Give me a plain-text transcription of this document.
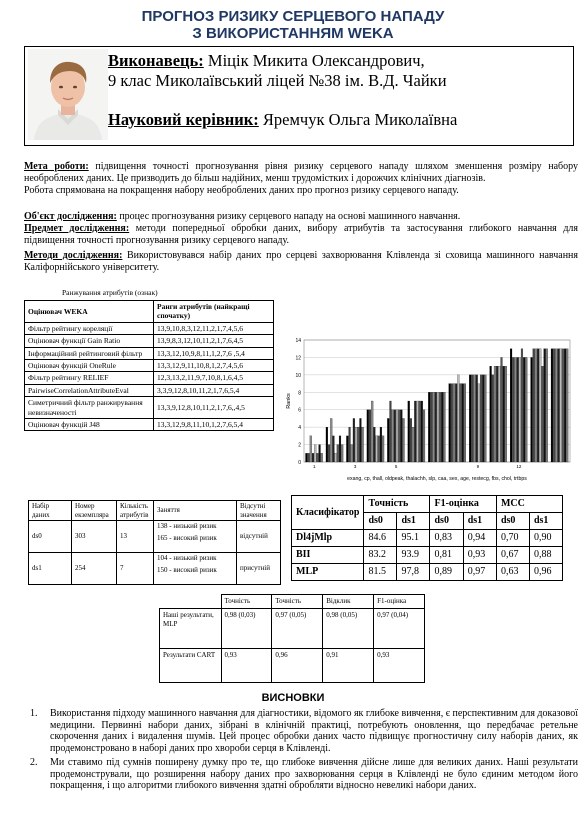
ПРОГНОЗ РИЗИКУ СЕРЦЕВОГО НАПАДУ
З ВИКОРИСТАННЯМ WEKA
Виконавець: Міцік Микита Олександрович,
9 клас Миколаївський ліцей №38 ім. В.Д. Чайки
Науковий керівник: Яремчук Ольга Миколаївна
Мета роботи: підвищення точності прогнозування рівня ризику серцевого нападу шляхом зменшення розміру набору необроблених даних. Це призводить до більш надійних, менш трудомістких і дорожчих клінічних діагнозів.
Робота спрямована на покращення набору необроблених даних про прогноз ризику серцевого нападу.
Об'єкт дослідження: процес прогнозування ризику серцевого нападу на основі машинного навчання.
Предмет дослідження: методи попередньої обробки даних, вибору атрибутів та застосування глибокого навчання для підвищення точності прогнозування ризику серцевого нападу.
Методи дослідження: Використовувався набір даних про серцеві захворювання Клівленда зі сховища машинного навчання Каліфорнійського університету.
Ранжування атрибутів (ознак)
Оцінювач WEKA	Ранги атрибутів (найкращі спочатку)
Фільтр рейтингу кореляції	13,9,10,8,3,12,11,2,1,7,4,5,6
Оцінювач функції Gain Ratio	13,9,8,3,12,10,11,2,1,7,6,4,5
Інформаційний рейтинговий фільтр	13,3,12,10,9,8,11,1,2,7,6 ,5,4
Оцінювач функцій OneRule	13,3,12,9,11,10,8,1,2,7,4,5,6
Фільтр рейтингу RELIEF	12,3,13,2,11,9,7,10,8,1,6,4,5
PairwiseCorrelationAttributeEval	3,3,9,12,8,10,11,2,1,7,6,5,4
Симетричний фільтр ранжирування невизначеності	13,3,9,12,8,10,11,2,1,7,6,,4,5
Оцінювач функцій J48	13,3,12,9,8,11,10,1,2,7,6,5,4
0
2
4
6
8
10
12
14
Ranks
1	3	5	9	12
exang, cp, thall, oldpeak, thalachh, slp, caa, sex, age, restecg, fbs, chol, trtbps
Набір даних	Номер екземпляра	Кількість атрибутів	Заняття	Відсутні значення
ds0	303	13	138 - низький ризик
165 - високий ризик	відсутній
ds1	254	7	104 - низький ризик
150 - високий ризик	присутній
Класифікатор	Точність		F1-оцінка		MCC	
	ds0	ds1	ds0	ds1	ds0	ds1
Dl4jMlp	84.6	95.1	0,83	0,94	0,70	0,90
BII	83.2	93.9	0,81	0,93	0,67	0,88
MLP	81.5	97,8	0,89	0,97	0,63	0,96
	Точність	Точність	Відклик	F1-оцінка
Наші результати, MLP	0,98 (0,03)	0,97 (0,05)	0,98 (0,05)	0,97 (0,04)
Результати CART	0,93	0,96	0,91	0,93
ВИСНОВКИ
1. Використання підходу машинного навчання для діагностики, відомого як глибоке вивчення, є перспективним для доказової медицини. Первинні набори даних, зібрані в клінічній практиці, потребують оновлення, що передбачає ретельне скорочення даних і видалення шумів. Цей процес обробки даних часто підвищує прогностичну силу наборів даних, як продемонстровано в наборі даних про хвороби серця в Клівленді.
2. Ми ставимо під сумнів поширену думку про те, що глибоке вивчення дійсне лише для великих даних. Наші результати продемонстрували, що розширення набору даних про захворювання серця в Клівленді не було єдиним методом його покращення, і що алгоритми глибокого вивчення здатні обробляти відносно невеликі набори даних.
